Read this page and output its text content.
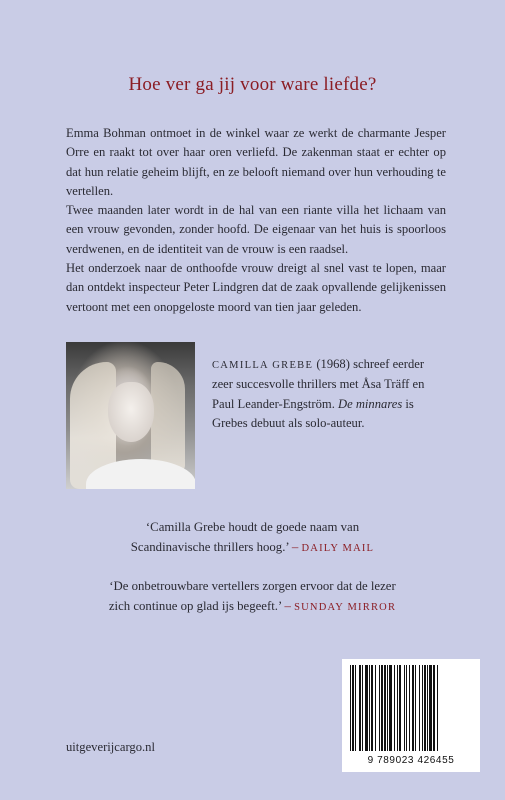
Hoe ver ga jij voor ware liefde?

Emma Bohman ontmoet in de winkel waar ze werkt de charmante Jesper Orre en raakt tot over haar oren verliefd. De zakenman staat er echter op dat hun relatie geheim blijft, en ze belooft niemand over hun verhouding te vertellen.

Twee maanden later wordt in de hal van een riante villa het lichaam van een vrouw gevonden, zonder hoofd. De eigenaar van het huis is spoorloos verdwenen, en de identiteit van de vrouw is een raadsel.

Het onderzoek naar de onthoofde vrouw dreigt al snel vast te lopen, maar dan ontdekt inspecteur Peter Lindgren dat de zaak opvallende gelijkenissen vertoont met een onopgeloste moord van tien jaar geleden.

CAMILLA GREBE (1968) schreef eerder zeer succesvolle thrillers met Åsa Träff en Paul Leander-Engström. De minnares is Grebes debuut als solo-auteur.
‘Camilla Grebe houdt de goede naam van
Scandinavische thrillers hoog.’ – DAILY MAIL
‘De onbetrouwbare vertellers zorgen ervoor dat de lezer
zich continue op glad ijs begeeft.’ – SUNDAY MIRROR
9 789023 426455
uitgeverijcargo.nl
